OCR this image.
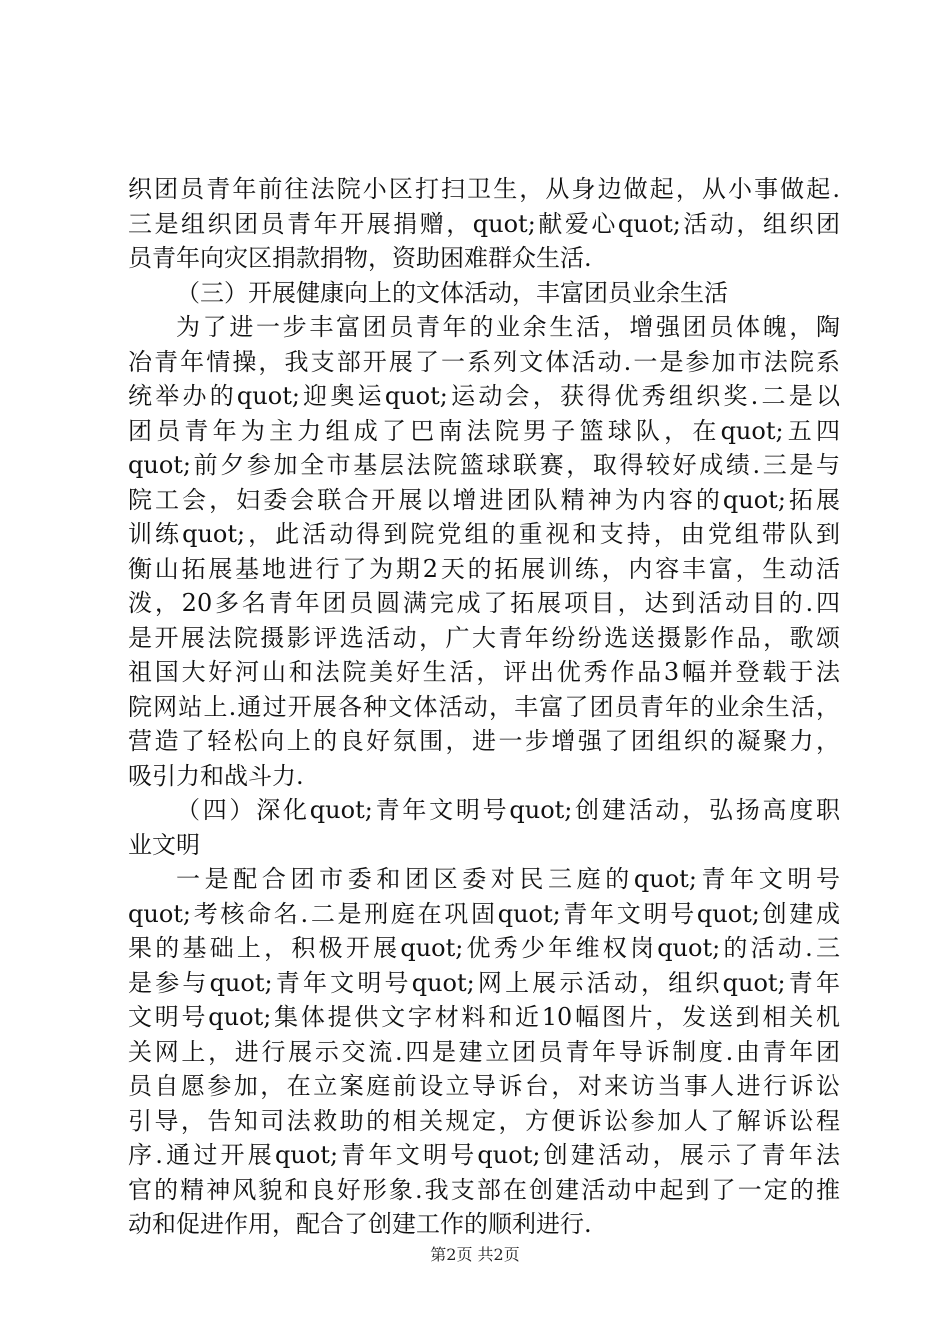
织团员青年前往法院小区打扫卫生，从身边做起，从小事做起.
三是组织团员青年开展捐赠，quot;献爱心quot;活动，组织团
员青年向灾区捐款捐物，资助困难群众生活.
（三）开展健康向上的文体活动，丰富团员业余生活
为了进一步丰富团员青年的业余生活，增强团员体魄，陶
冶青年情操，我支部开展了一系列文体活动.一是参加市法院系
统举办的quot;迎奥运quot;运动会，获得优秀组织奖.二是以
团员青年为主力组成了巴南法院男子篮球队，在quot;五四
quot;前夕参加全市基层法院篮球联赛，取得较好成绩.三是与
院工会，妇委会联合开展以增进团队精神为内容的quot;拓展
训练quot;，此活动得到院党组的重视和支持，由党组带队到
衡山拓展基地进行了为期2天的拓展训练，内容丰富，生动活
泼，20多名青年团员圆满完成了拓展项目，达到活动目的.四
是开展法院摄影评选活动，广大青年纷纷选送摄影作品，歌颂
祖国大好河山和法院美好生活，评出优秀作品3幅并登载于法
院网站上.通过开展各种文体活动，丰富了团员青年的业余生活，
营造了轻松向上的良好氛围，进一步增强了团组织的凝聚力，
吸引力和战斗力.
（四）深化quot;青年文明号quot;创建活动，弘扬高度职
业文明
一是配合团市委和团区委对民三庭的quot;青年文明号
quot;考核命名.二是刑庭在巩固quot;青年文明号quot;创建成
果的基础上，积极开展quot;优秀少年维权岗quot;的活动.三
是参与quot;青年文明号quot;网上展示活动，组织quot;青年
文明号quot;集体提供文字材料和近10幅图片，发送到相关机
关网上，进行展示交流.四是建立团员青年导诉制度.由青年团
员自愿参加，在立案庭前设立导诉台，对来访当事人进行诉讼
引导，告知司法救助的相关规定，方便诉讼参加人了解诉讼程
序.通过开展quot;青年文明号quot;创建活动，展示了青年法
官的精神风貌和良好形象.我支部在创建活动中起到了一定的推
动和促进作用，配合了创建工作的顺利进行.
第2页 共2页
